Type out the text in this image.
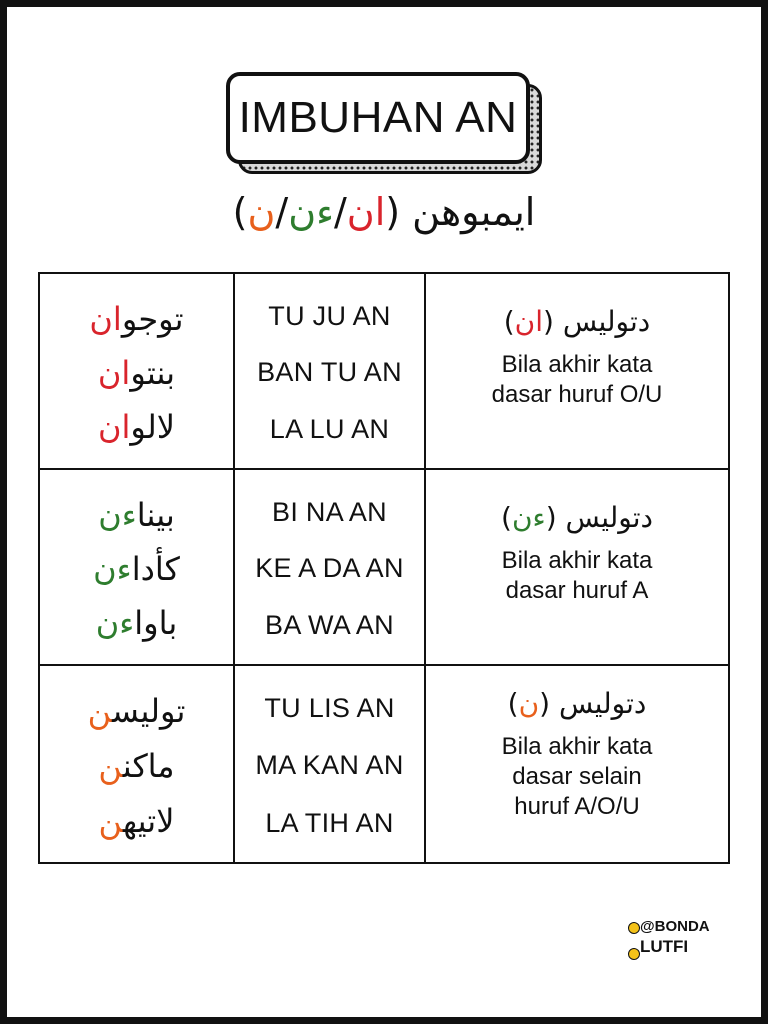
IMBUHAN AN
ايمبوهن (ان/ءن/ن)
توجوان
بنتوان
لالوان
TU JU AN
BAN TU AN
LA LU AN
دتوليس (ان)
Bila akhir kata
dasar huruf O/U
بيناءن
كأداءن
باواءن
BI NA AN
KE A DA AN
BA WA AN
دتوليس (ءن)
Bila akhir kata
dasar huruf A
توليسن
ماكنن
لاتيهن
TU LIS AN
MA KAN AN
LA TIH AN
دتوليس (ن)
Bila akhir kata
dasar selain
huruf A/O/U
@BONDA
LUTFI
